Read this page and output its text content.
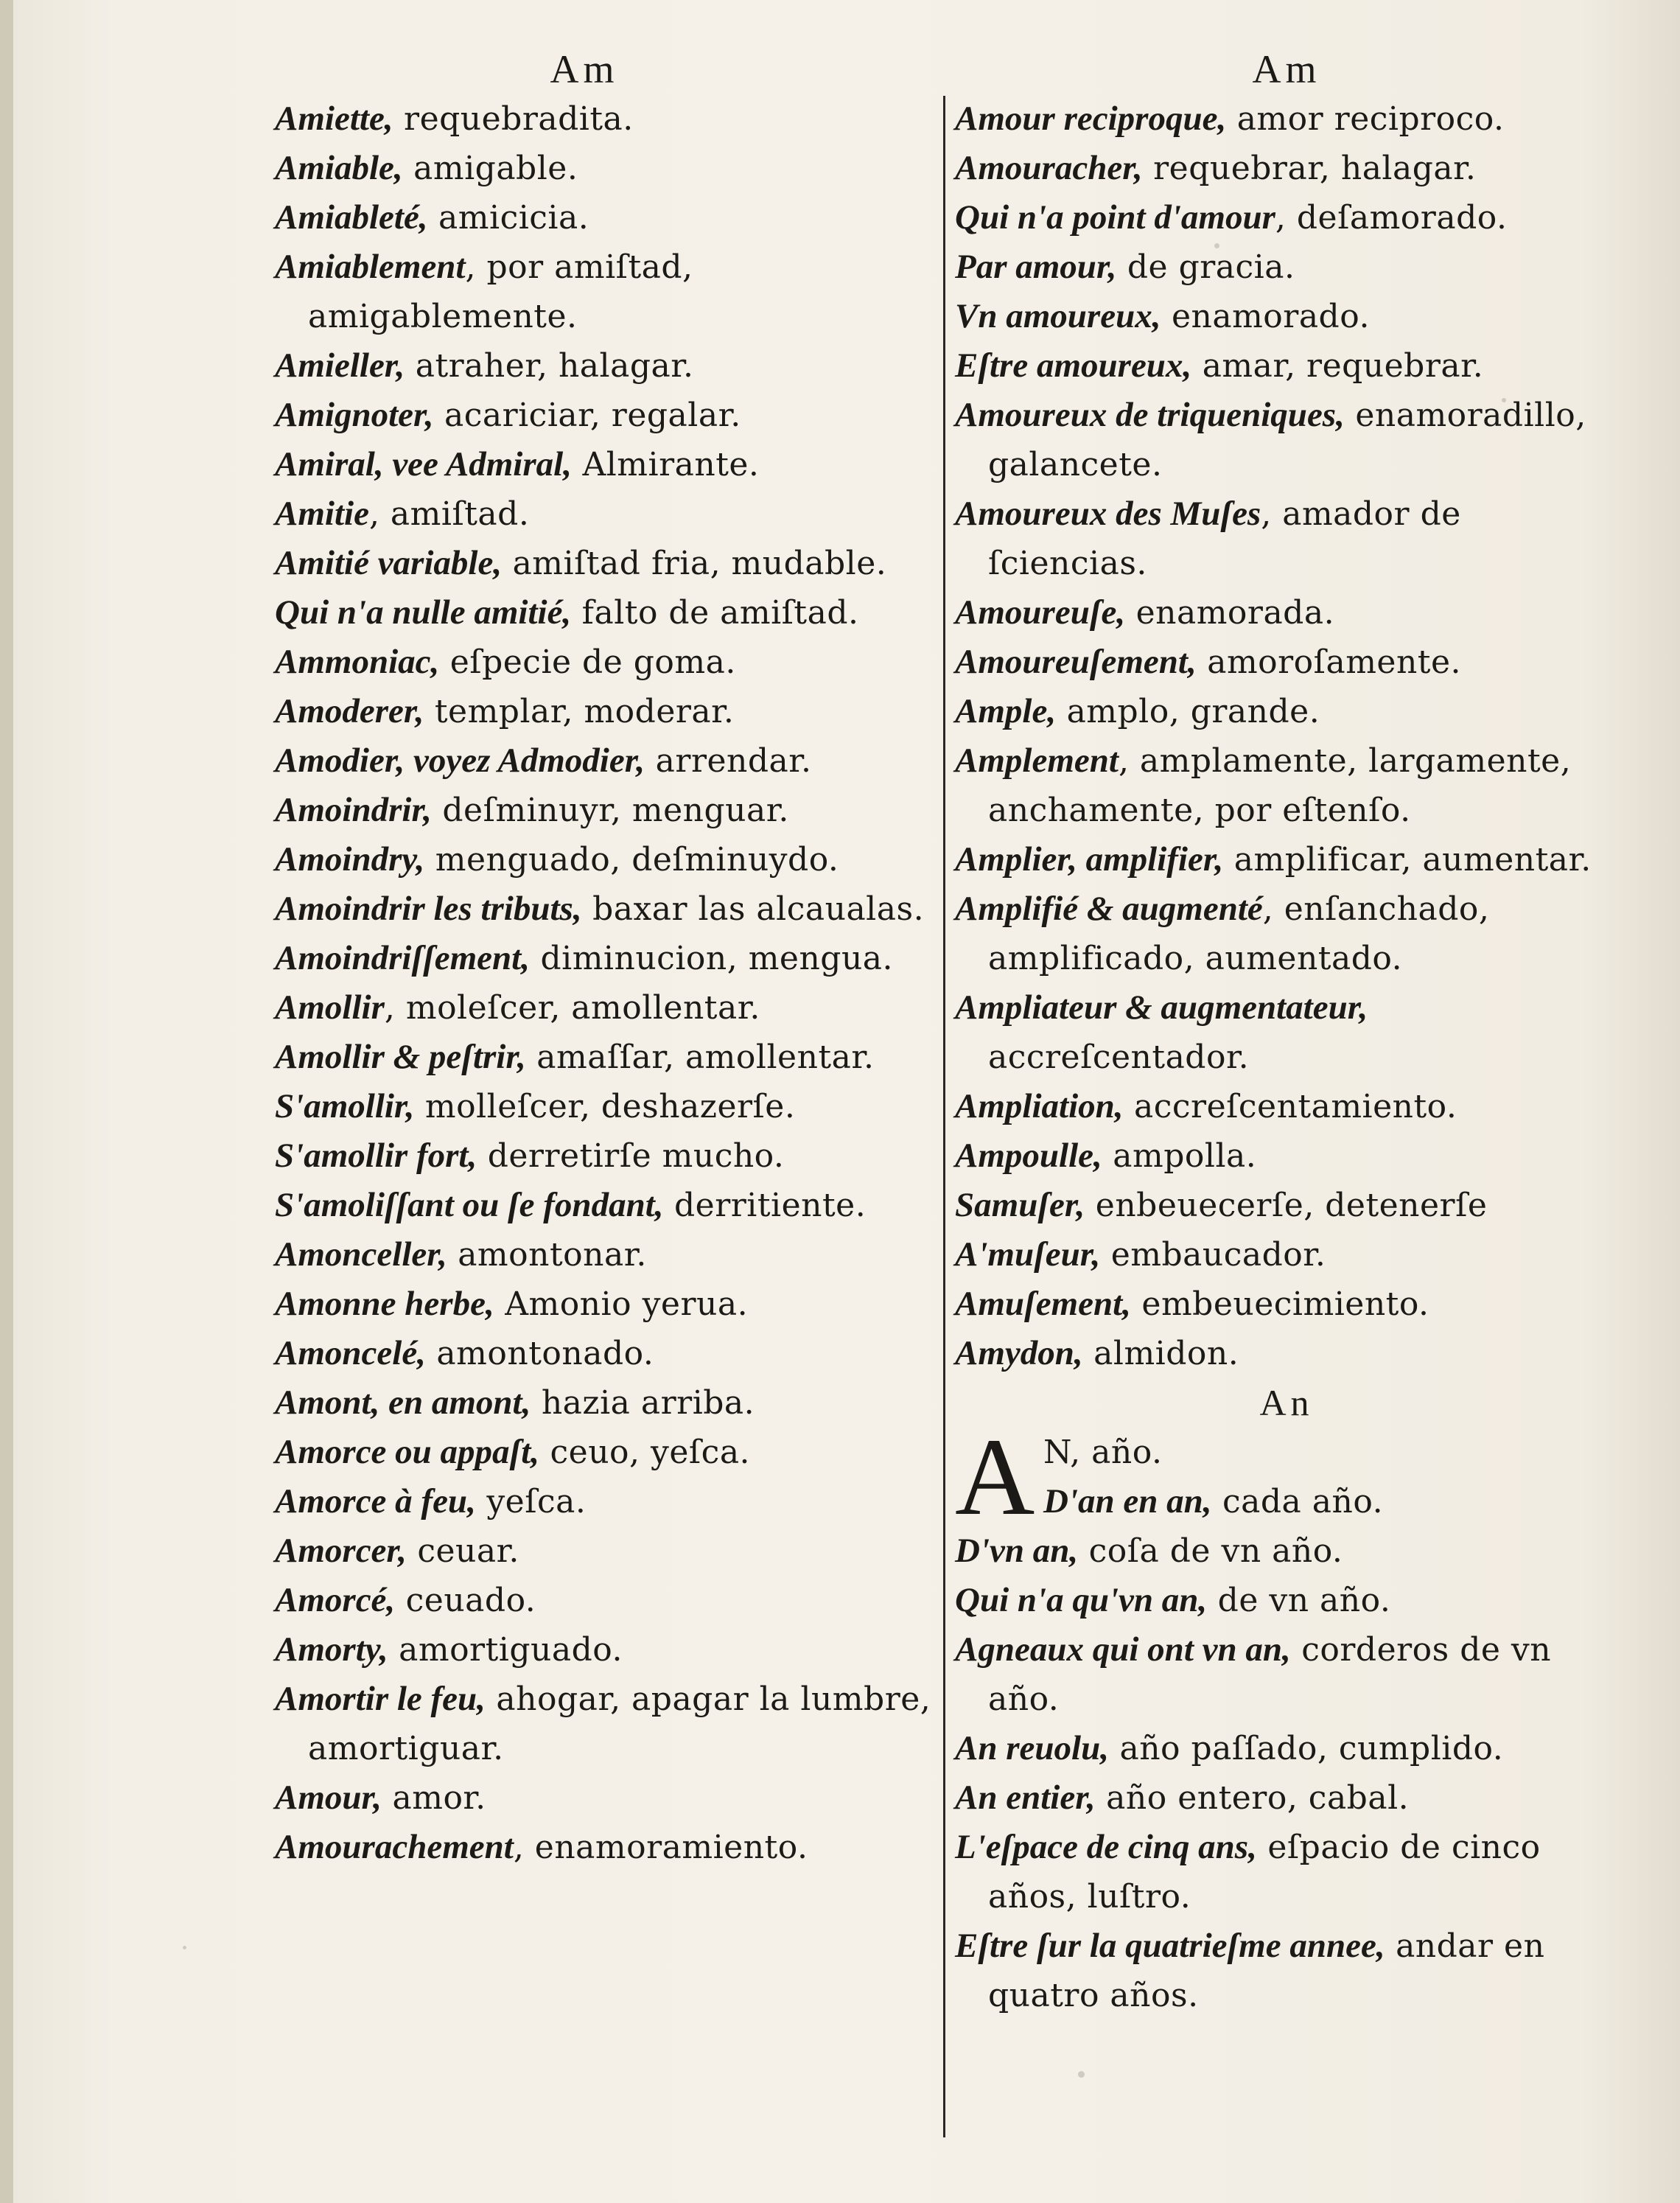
Am
Amiette, requebradita.
Amiable, amigable.
Amiableté, amicicia.
Amiablement, por amiſtad, amigablemente.
Amieller, atraher, halagar.
Amignoter, acariciar, regalar.
Amiral, vee Admiral, Almirante.
Amitie, amiſtad.
Amitié variable, amiſtad fria, mudable.
Qui n'a nulle amitié, falto de amiſtad.
Ammoniac, eſpecie de goma.
Amoderer, templar, moderar.
Amodier, voyez Admodier, arrendar.
Amoindrir, deſminuyr, menguar.
Amoindry, menguado, deſminuydo.
Amoindrir les tributs, baxar las alcaualas.
Amoindriſſement, diminucion, mengua.
Amollir, moleſcer, amollentar.
Amollir & peſtrir, amaſſar, amollentar.
S'amollir, molleſcer, deshazerſe.
S'amollir fort, derretirſe mucho.
S'amoliſſant ou ſe fondant, derritiente.
Amonceller, amontonar.
Amonne herbe, Amonio yerua.
Amoncelé, amontonado.
Amont, en amont, hazia arriba.
Amorce ou appaſt, ceuo, yeſca.
Amorce à feu, yeſca.
Amorcer, ceuar.
Amorcé, ceuado.
Amorty, amortiguado.
Amortir le feu, ahogar, apagar la lumbre, amortiguar.
Amour, amor.
Amourachement, enamoramiento.
Am
Amour reciproque, amor reciproco.
Amouracher, requebrar, halagar.
Qui n'a point d'amour, deſamorado.
Par amour, de gracia.
Vn amoureux, enamorado.
Eſtre amoureux, amar, requebrar.
Amoureux de triqueniques, enamoradillo, galancete.
Amoureux des Muſes, amador de ſciencias.
Amoureuſe, enamorada.
Amoureuſement, amoroſamente.
Ample, amplo, grande.
Amplement, amplamente, largamente, anchamente, por eſtenſo.
Amplier, amplifier, amplificar, aumentar.
Amplifié & augmenté, enſanchado, amplificado, aumentado.
Ampliateur & augmentateur, accreſcentador.
Ampliation, accreſcentamiento.
Ampoulle, ampolla.
Samuſer, enbeuecerſe, detenerſe
A'muſeur, embaucador.
Amuſement, embeuecimiento.
Amydon, almidon.
An
A N, año.
D'an en an, cada año.
D'vn an, coſa de vn año.
Qui n'a qu'vn an, de vn año.
Agneaux qui ont vn an, corderos de vn año.
An reuolu, año paſſado, cumplido.
An entier, año entero, cabal.
L'eſpace de cinq ans, eſpacio de cinco años, luſtro.
Eſtre ſur la quatrieſme annee, andar en quatro años.
